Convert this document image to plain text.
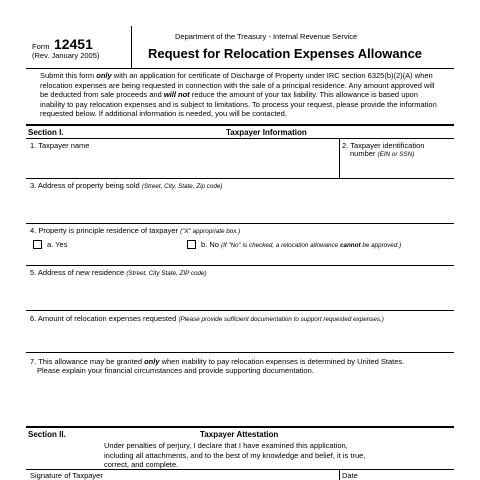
Form 12451
(Rev. January 2005)
Department of the Treasury - Internal Revenue Service
Request for Relocation Expenses Allowance
Submit this form only with an application for certificate of Discharge of Property under IRC section 6325(b)(2)(A) when relocation expenses are being requested in connection with the sale of a principal residence. Any amount approved will be deducted from sale proceeds and will not reduce the amount of your tax liability. This allowance is based upon inability to pay relocation expenses and is subject to limitations. To process your request, please provide the information requested below. If additional information is needed, you will be contacted.
Section I.	Taxpayer Information
1. Taxpayer name	2. Taxpayer identification
number (EIN or SSN)
3. Address of property being sold (Street, City, State, Zip code)
4. Property is principle residence of taxpayer ("X" appropriate box.)
a. Yes	b. No (If "No" is checked, a relocation allowance cannot be approved.)
5. Address of new residence (Street, City State, ZIP code)
6. Amount of relocation expenses requested (Please provide sufficient documentation to support requested expenses.)
7. This allowance may be granted only when inability to pay relocation expenses is determined by United States.
Please explain your financial circumstances and provide supporting documentation.
Section II.	Taxpayer Attestation
Under penalties of perjury, I declare that I have examined this application, including all attachments, and to the best of my knowledge and belief, it is true, correct, and complete.
Signature of Taxpayer	Date
